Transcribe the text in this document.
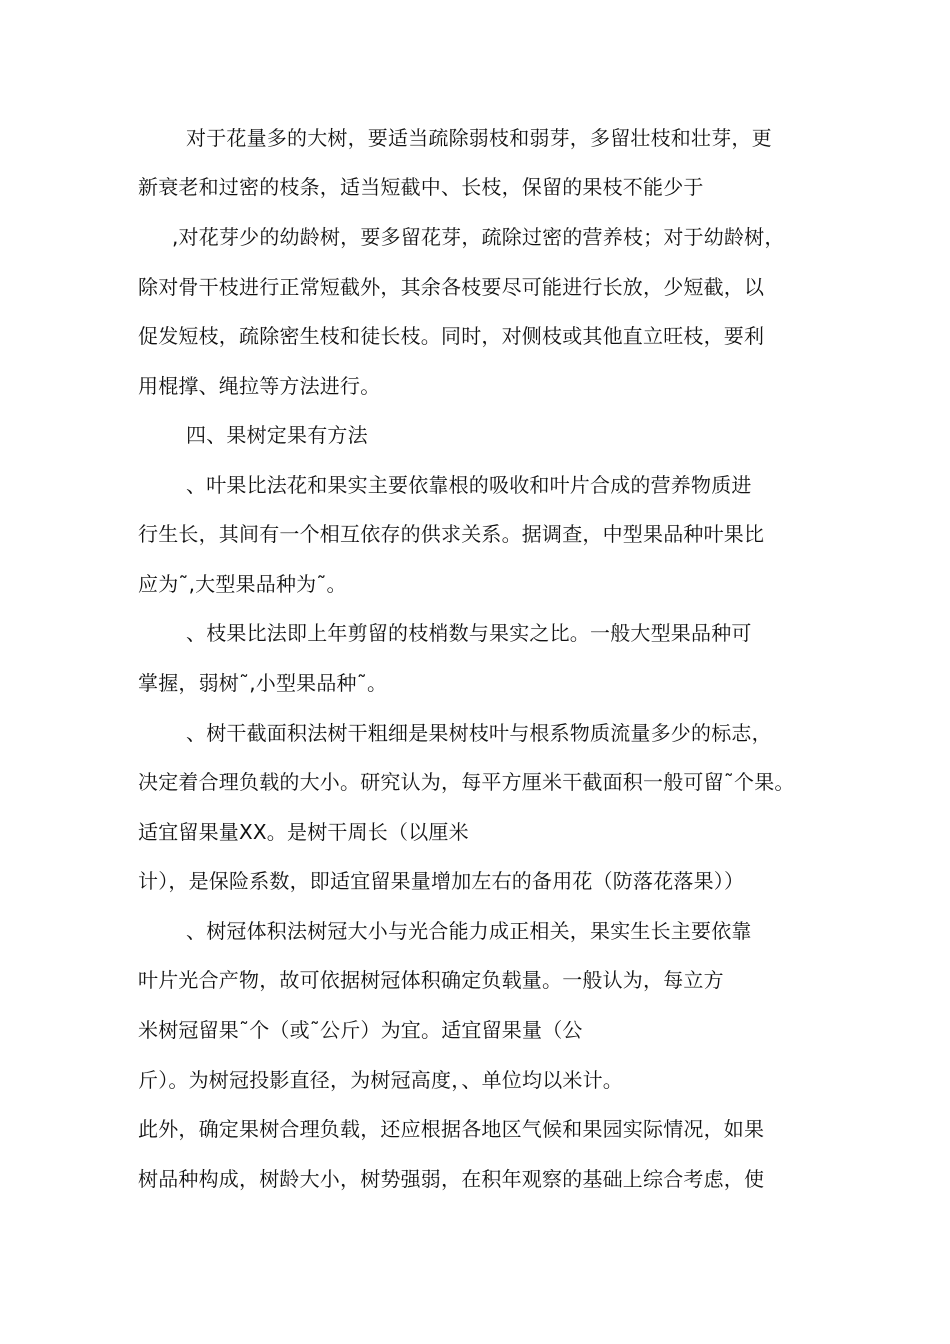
对于花量多的大树，要适当疏除弱枝和弱芽，多留壮枝和壮芽，更
新衰老和过密的枝条，适当短截中、长枝，保留的果枝不能少于
,对花芽少的幼龄树，要多留花芽，疏除过密的营养枝；对于幼龄树，
除对骨干枝进行正常短截外，其余各枝要尽可能进行长放，少短截，以
促发短枝，疏除密生枝和徒长枝。同时，对侧枝或其他直立旺枝，要利
用棍撑、绳拉等方法进行。
四、果树定果有方法
、叶果比法花和果实主要依靠根的吸收和叶片合成的营养物质进
行生长，其间有一个相互依存的供求关系。据调查，中型果品种叶果比
应为˜,大型果品种为˜。
、枝果比法即上年剪留的枝梢数与果实之比。一般大型果品种可
掌握，弱树˜,小型果品种˜。
、树干截面积法树干粗细是果树枝叶与根系物质流量多少的标志，
决定着合理负载的大小。研究认为，每平方厘米干截面积一般可留˜个果。
适宜留果量XX。是树干周长（以厘米
计），是保险系数，即适宜留果量增加左右的备用花（防落花落果））
、树冠体积法树冠大小与光合能力成正相关，果实生长主要依靠
叶片光合产物，故可依据树冠体积确定负载量。一般认为，每立方
米树冠留果˜个（或˜公斤）为宜。适宜留果量（公
斤）。为树冠投影直径，为树冠高度，、单位均以米计。
此外，确定果树合理负载，还应根据各地区气候和果园实际情况，如果
树品种构成，树龄大小，树势强弱，在积年观察的基础上综合考虑，使
